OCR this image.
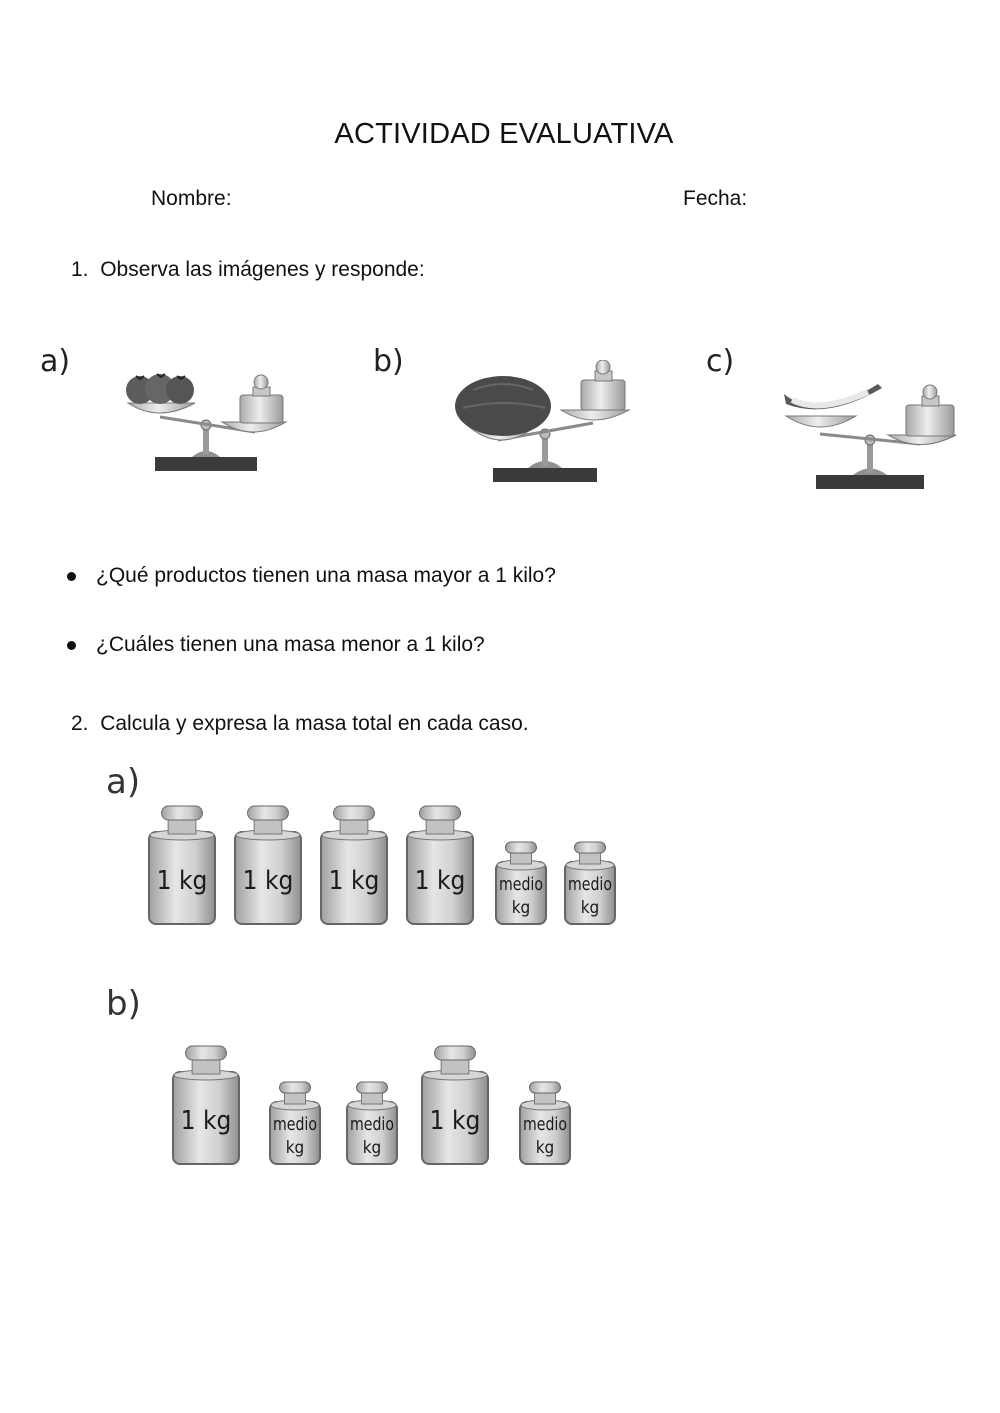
ACTIVIDAD EVALUATIVA
Nombre:	Fecha:
1. Observa las imágenes y responde:
a)	b)	c)
¿Qué productos tienen una masa mayor a 1 kilo?
¿Cuáles tienen una masa menor a 1 kilo?
2. Calcula y expresa la masa total en cada caso.
a)
b)
1 kg 1 kg 1 kg 1 kg medio
kg
medio
kg
1 kg medio
kg
medio
kg
1 kg medio
kg
